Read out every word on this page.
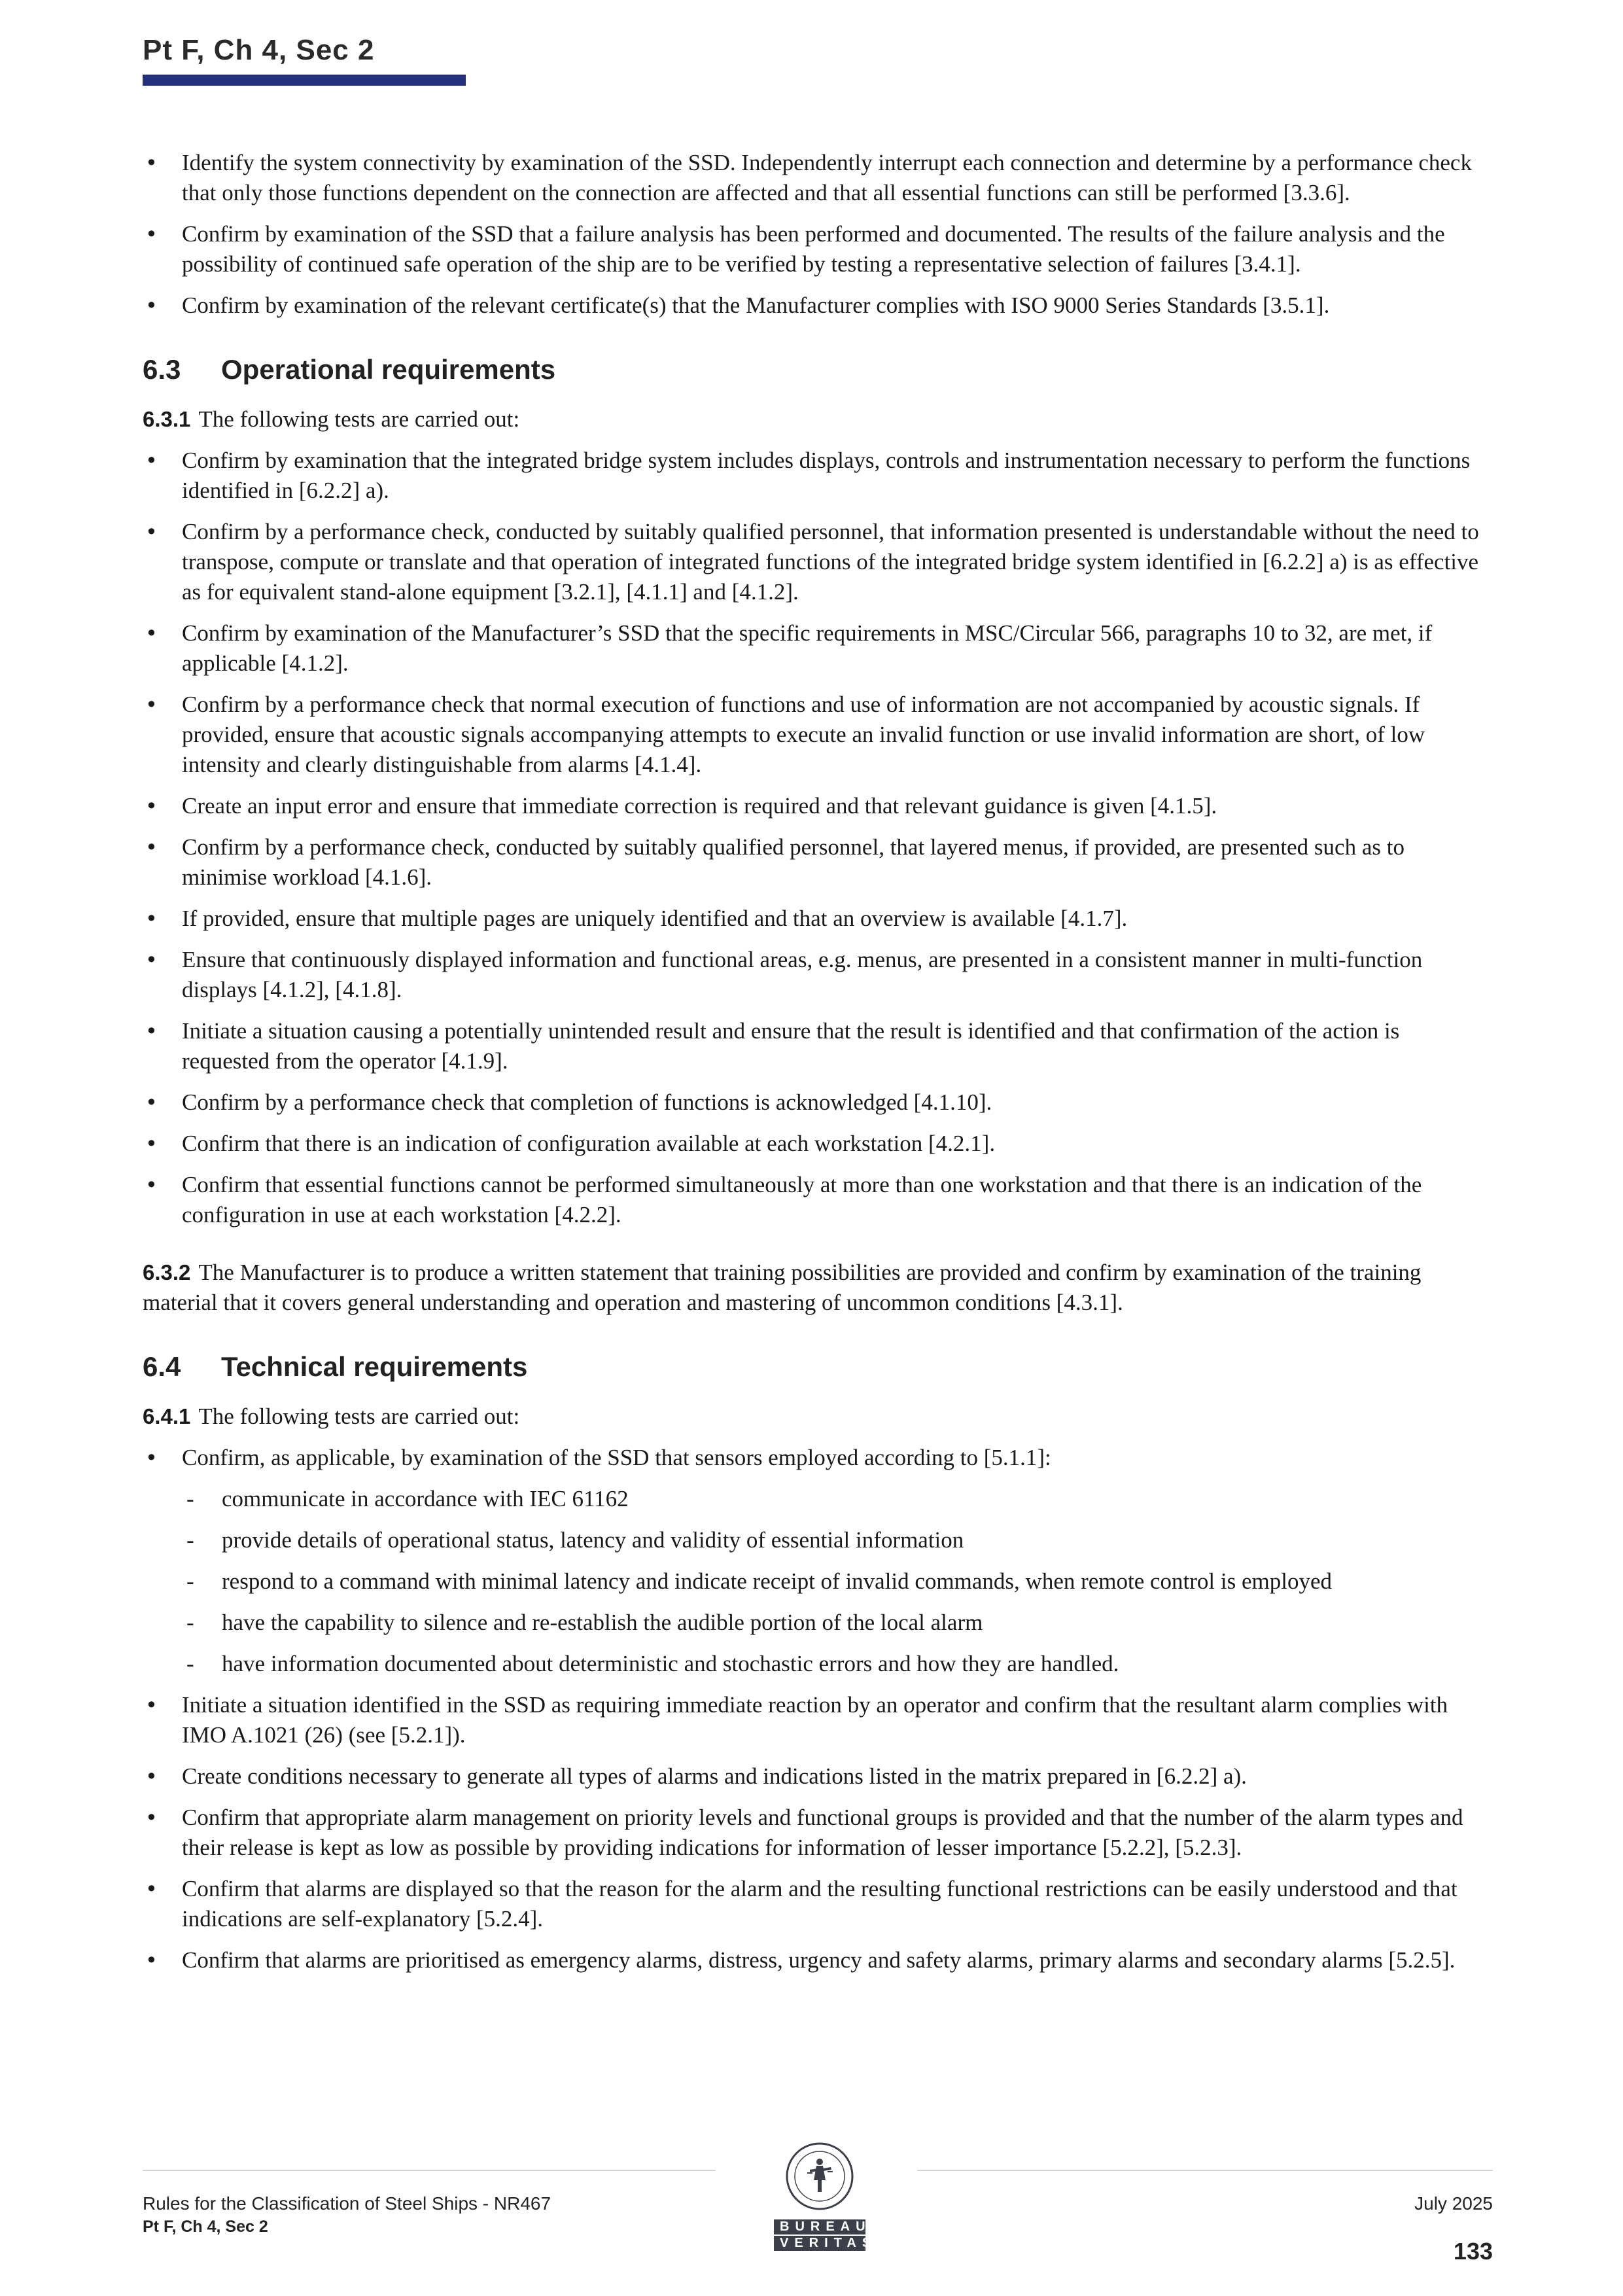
Pt F, Ch 4, Sec 2
• Identify the system connectivity by examination of the SSD. Independently interrupt each connection and determine by a performance check that only those functions dependent on the connection are affected and that all essential functions can still be performed [3.3.6].
• Confirm by examination of the SSD that a failure analysis has been performed and documented. The results of the failure analysis and the possibility of continued safe operation of the ship are to be verified by testing a representative selection of failures [3.4.1].
• Confirm by examination of the relevant certificate(s) that the Manufacturer complies with ISO 9000 Series Standards [3.5.1].
6.3 Operational requirements

6.3.1 The following tests are carried out:

• Confirm by examination that the integrated bridge system includes displays, controls and instrumentation necessary to perform the functions identified in [6.2.2] a).
• Confirm by a performance check, conducted by suitably qualified personnel, that information presented is understandable without the need to transpose, compute or translate and that operation of integrated functions of the integrated bridge system identified in [6.2.2] a) is as effective as for equivalent stand-alone equipment [3.2.1], [4.1.1] and [4.1.2].
• Confirm by examination of the Manufacturer’s SSD that the specific requirements in MSC/Circular 566, paragraphs 10 to 32, are met, if applicable [4.1.2].
• Confirm by a performance check that normal execution of functions and use of information are not accompanied by acoustic signals. If provided, ensure that acoustic signals accompanying attempts to execute an invalid function or use invalid information are short, of low intensity and clearly distinguishable from alarms [4.1.4].
• Create an input error and ensure that immediate correction is required and that relevant guidance is given [4.1.5].
• Confirm by a performance check, conducted by suitably qualified personnel, that layered menus, if provided, are presented such as to minimise workload [4.1.6].
• If provided, ensure that multiple pages are uniquely identified and that an overview is available [4.1.7].
• Ensure that continuously displayed information and functional areas, e.g. menus, are presented in a consistent manner in multi-function displays [4.1.2], [4.1.8].
• Initiate a situation causing a potentially unintended result and ensure that the result is identified and that confirmation of the action is requested from the operator [4.1.9].
• Confirm by a performance check that completion of functions is acknowledged [4.1.10].
• Confirm that there is an indication of configuration available at each workstation [4.2.1].
• Confirm that essential functions cannot be performed simultaneously at more than one workstation and that there is an indication of the configuration in use at each workstation [4.2.2].

6.3.2 The Manufacturer is to produce a written statement that training possibilities are provided and confirm by examination of the training material that it covers general understanding and operation and mastering of uncommon conditions [4.3.1].

6.4 Technical requirements

6.4.1 The following tests are carried out:

• Confirm, as applicable, by examination of the SSD that sensors employed according to [5.1.1]:
- communicate in accordance with IEC 61162
- provide details of operational status, latency and validity of essential information
- respond to a command with minimal latency and indicate receipt of invalid commands, when remote control is employed
- have the capability to silence and re-establish the audible portion of the local alarm
- have information documented about deterministic and stochastic errors and how they are handled.
• Initiate a situation identified in the SSD as requiring immediate reaction by an operator and confirm that the resultant alarm complies with IMO A.1021 (26) (see [5.2.1]).
• Create conditions necessary to generate all types of alarms and indications listed in the matrix prepared in [6.2.2] a).
• Confirm that appropriate alarm management on priority levels and functional groups is provided and that the number of the alarm types and their release is kept as low as possible by providing indications for information of lesser importance [5.2.2], [5.2.3].
• Confirm that alarms are displayed so that the reason for the alarm and the resulting functional restrictions can be easily understood and that indications are self-explanatory [5.2.4].
• Confirm that alarms are prioritised as emergency alarms, distress, urgency and safety alarms, primary alarms and secondary alarms [5.2.5].
Rules for the Classification of Steel Ships - NR467
Pt F, Ch 4, Sec 2	BUREAU
VERITAS
July 2025
133
